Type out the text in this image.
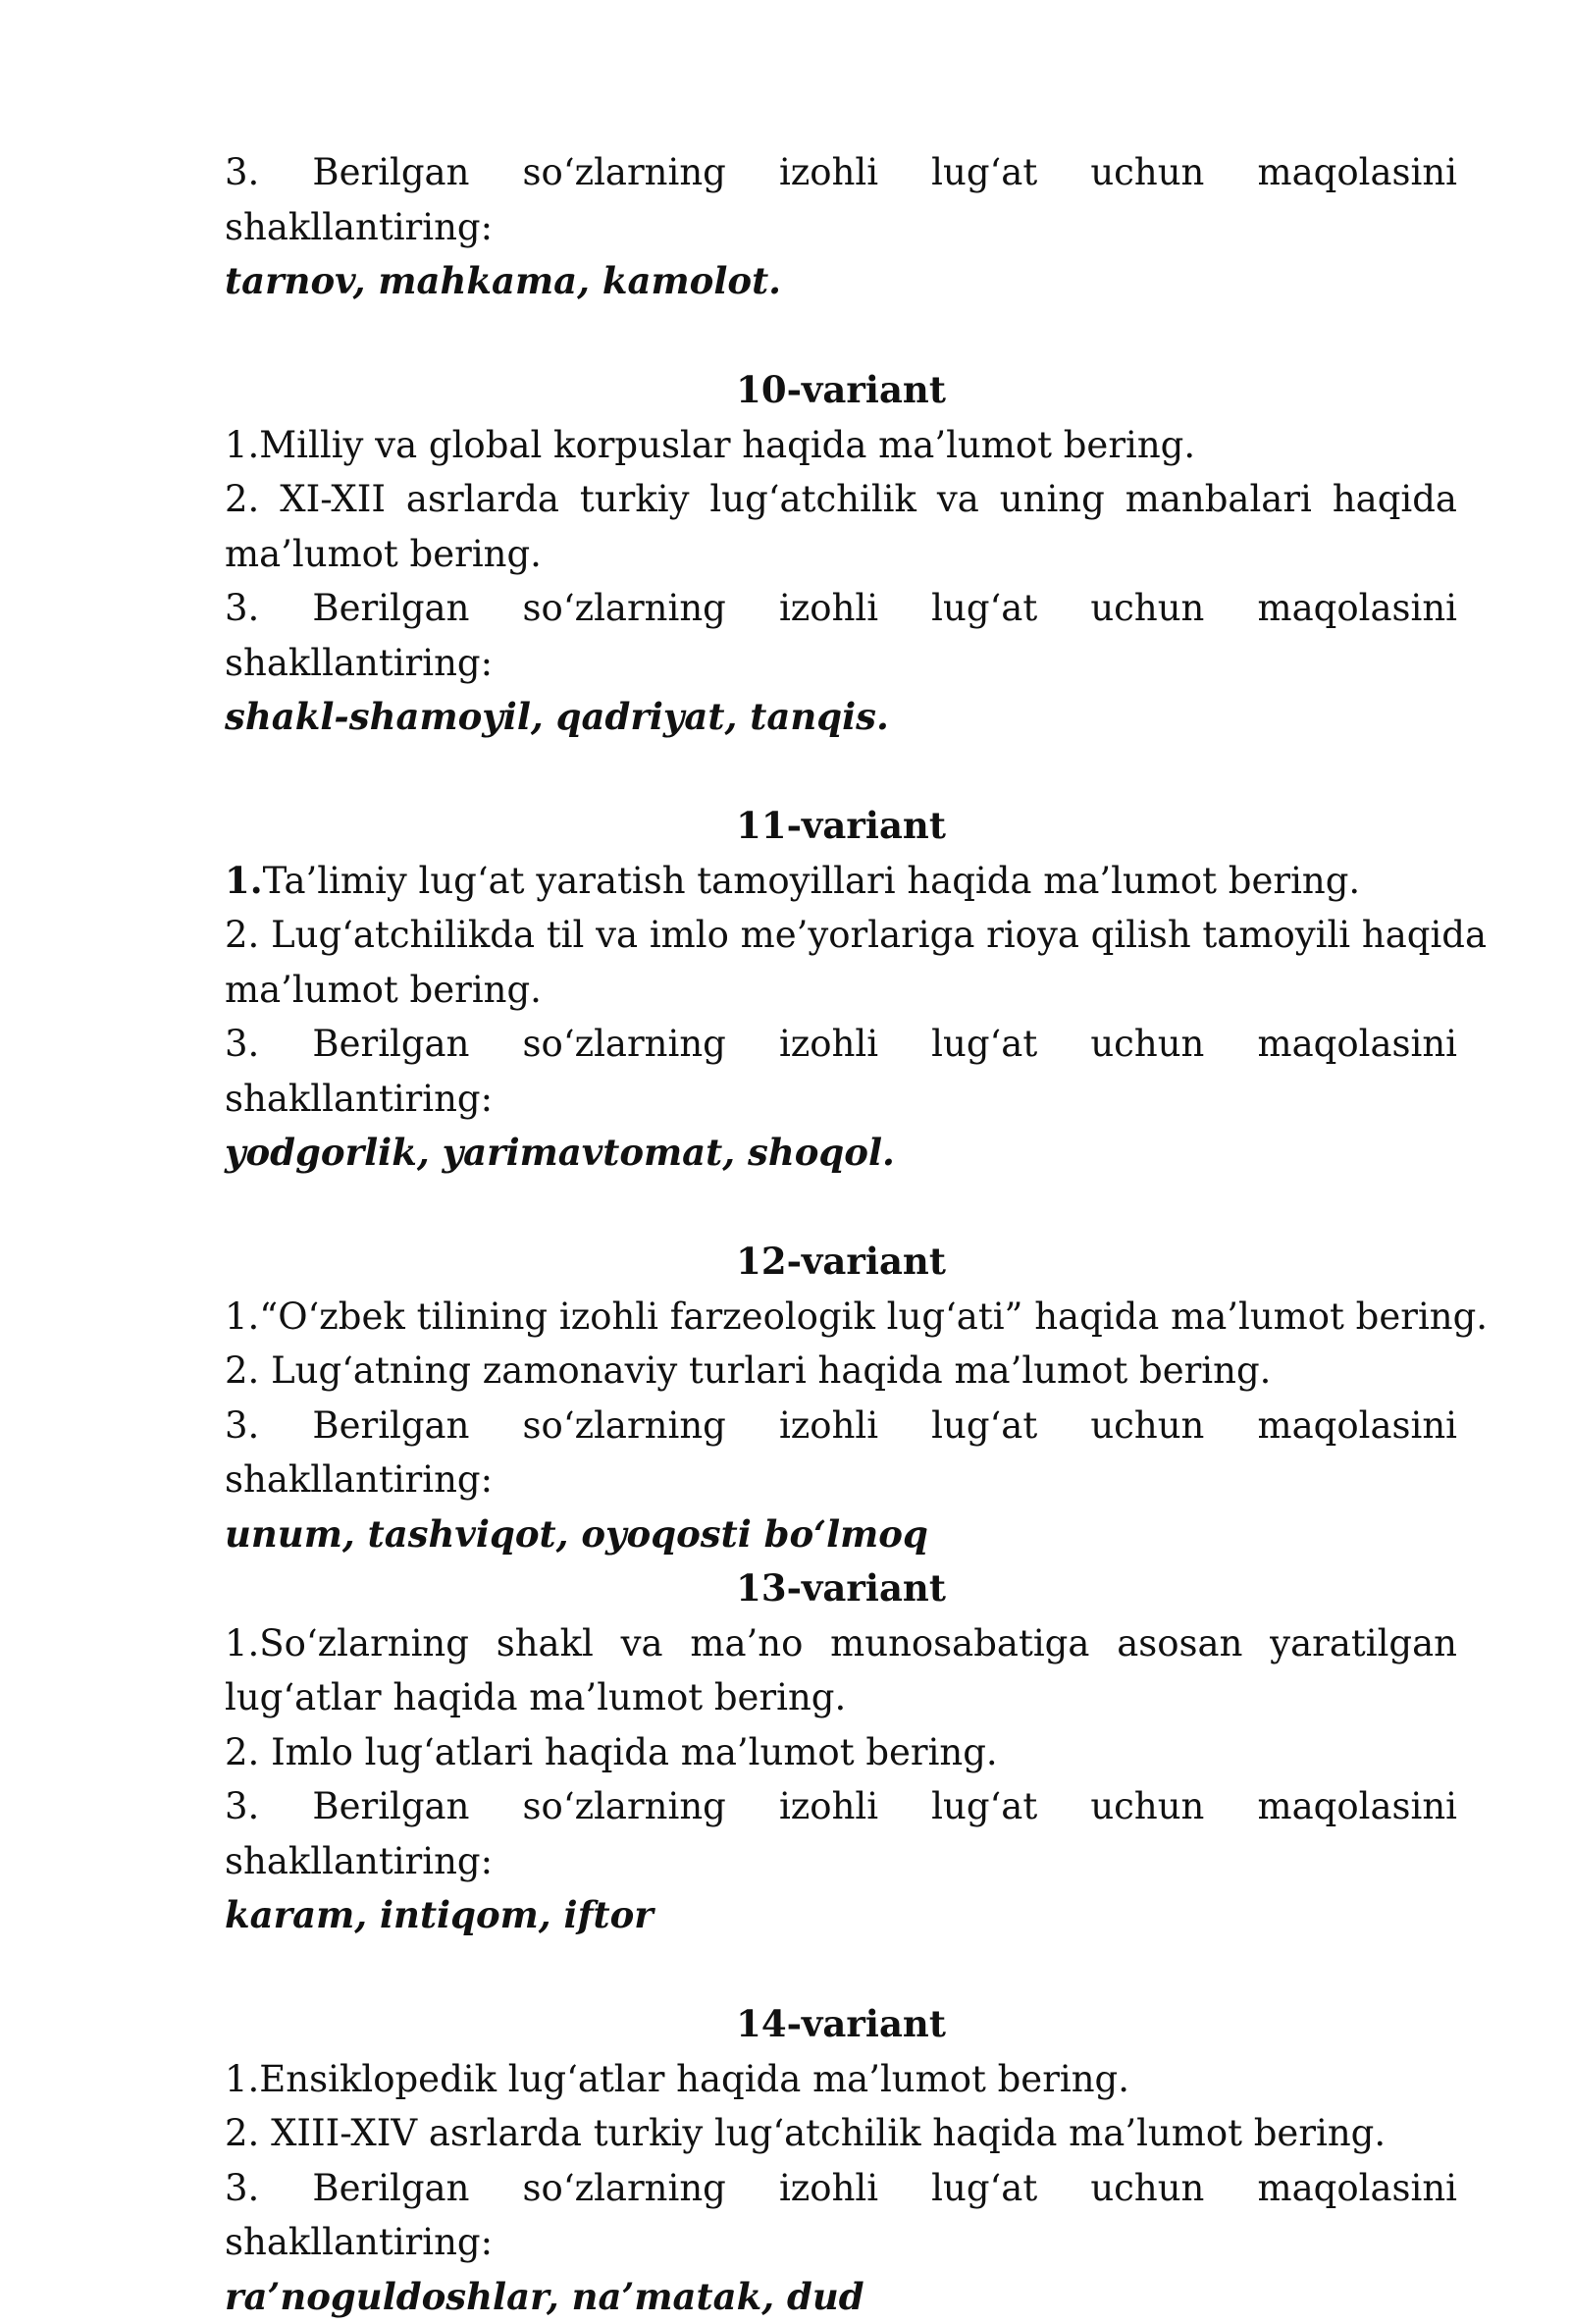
3. Berilgan so‘zlarning izohli lug‘at uchun maqolasini shakllantiring:
tarnov, mahkama, kamolot.
10-variant
1.Milliy va global korpuslar haqida ma’lumot bering.
2. XI-XII asrlarda turkiy lug‘atchilik va uning manbalari haqida
ma’lumot bering.
3. Berilgan so‘zlarning izohli lug‘at uchun maqolasini shakllantiring:
shakl-shamoyil, qadriyat, tanqis.
11-variant
1.Ta’limiy lug‘at yaratish tamoyillari haqida ma’lumot bering.
2. Lug‘atchilikda til va imlo me’yorlariga rioya qilish tamoyili haqida
ma’lumot bering.
3. Berilgan so‘zlarning izohli lug‘at uchun maqolasini shakllantiring:
yodgorlik, yarimavtomat, shoqol.
12-variant
1.“O‘zbek tilining izohli farzeologik lug‘ati” haqida ma’lumot bering.
2. Lug‘atning zamonaviy turlari haqida ma’lumot bering.
3. Berilgan so‘zlarning izohli lug‘at uchun maqolasini shakllantiring:
unum, tashviqot, oyoqosti bo‘lmoq
13-variant
1.So‘zlarning shakl va ma’no munosabatiga asosan yaratilgan
lug‘atlar haqida ma’lumot bering.
2. Imlo lug‘atlari haqida ma’lumot bering.
3. Berilgan so‘zlarning izohli lug‘at uchun maqolasini shakllantiring:
karam, intiqom, iftor
14-variant
1.Ensiklopedik lug‘atlar haqida ma’lumot bering.
2. XIII-XIV asrlarda turkiy lug‘atchilik haqida ma’lumot bering.
3. Berilgan so‘zlarning izohli lug‘at uchun maqolasini shakllantiring:
ra’noguldoshlar, na’matak, dud
